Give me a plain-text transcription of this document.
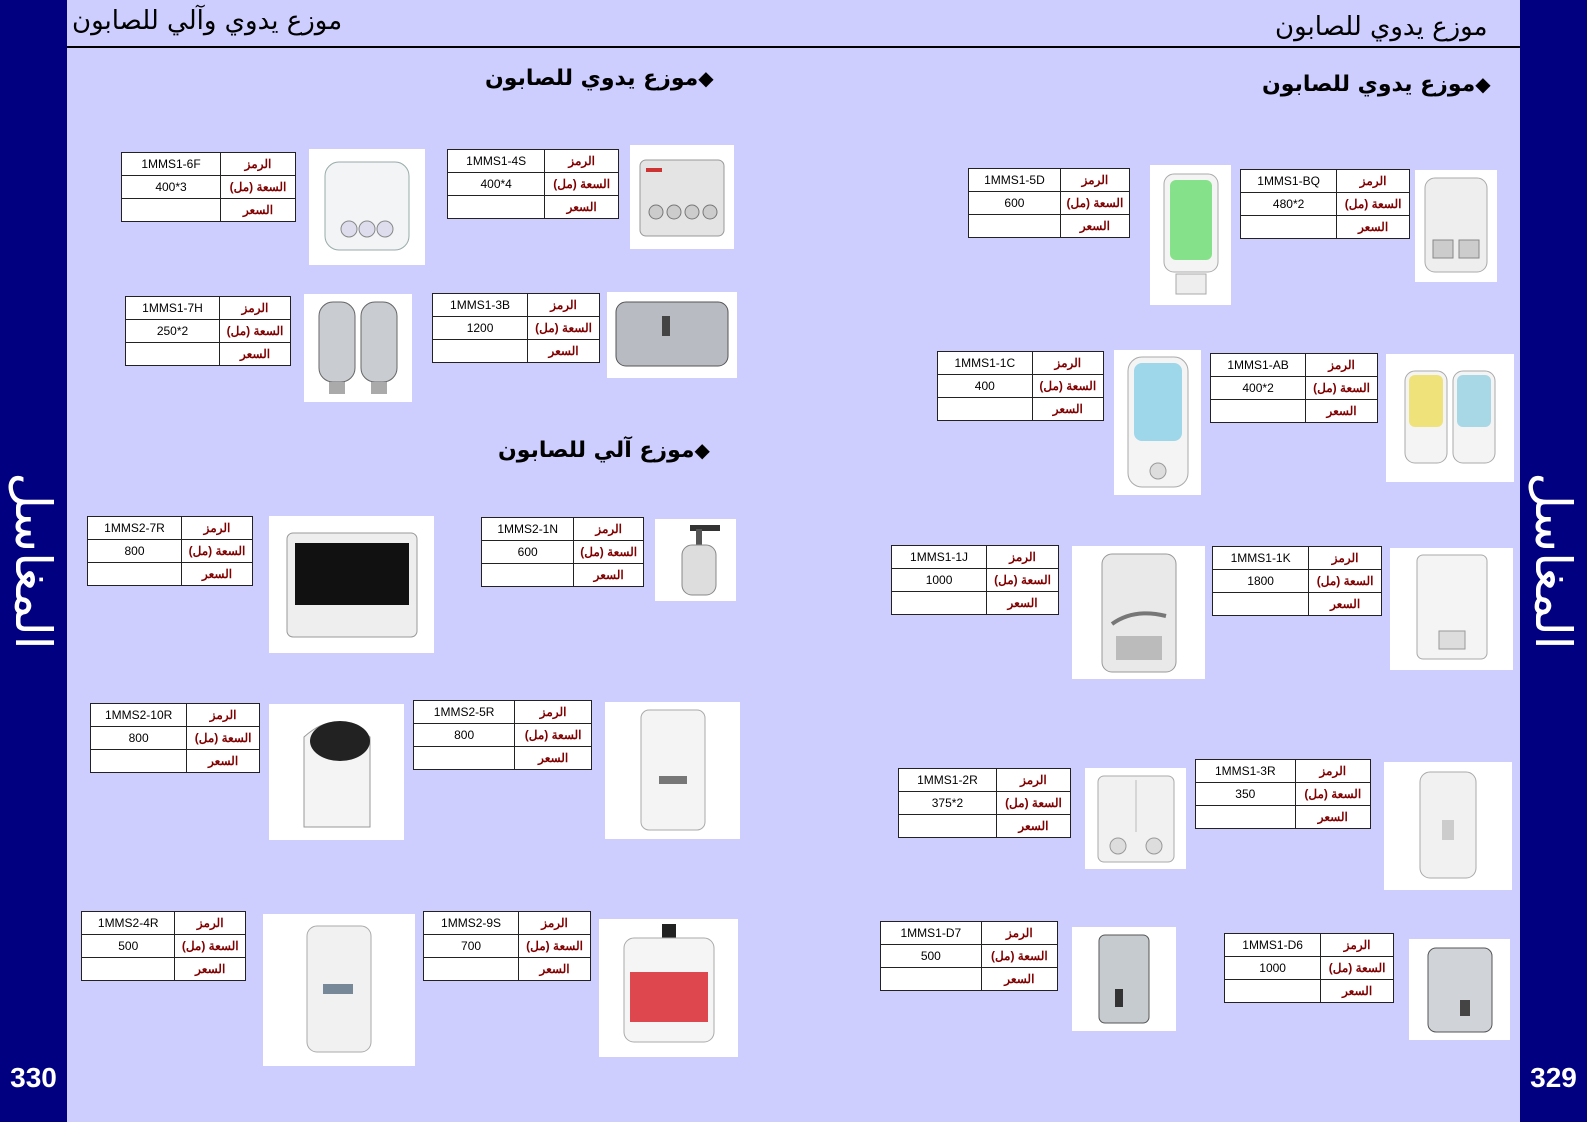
المغاسل
330
المغاسل
329
موزع يدوي وآلي للصابون	موزع يدوي للصابون
◆موزع يدوي للصابون
◆موزع آلي للصابون
◆موزع يدوي للصابون
1MMS1-6F	الرمز
400*3	السعة (مل)
	السعر
1MMS1-4S	الرمز
400*4	السعة (مل)
	السعر
1MMS1-7H	الرمز
250*2	السعة (مل)
	السعر
1MMS1-3B	الرمز
1200	السعة (مل)
	السعر
1MMS2-7R	الرمز
800	السعة (مل)
	السعر
1MMS2-1N	الرمز
600	السعة (مل)
	السعر
1MMS2-10R	الرمز
800	السعة (مل)
	السعر
1MMS2-5R	الرمز
800	السعة (مل)
	السعر
1MMS2-4R	الرمز
500	السعة (مل)
	السعر
1MMS2-9S	الرمز
700	السعة (مل)
	السعر
1MMS1-5D	الرمز
600	السعة (مل)
	السعر
1MMS1-BQ	الرمز
480*2	السعة (مل)
	السعر
1MMS1-1C	الرمز
400	السعة (مل)
	السعر
1MMS1-AB	الرمز
400*2	السعة (مل)
	السعر
1MMS1-1J	الرمز
1000	السعة (مل)
	السعر
1MMS1-1K	الرمز
1800	السعة (مل)
	السعر
1MMS1-2R	الرمز
375*2	السعة (مل)
	السعر
1MMS1-3R	الرمز
350	السعة (مل)
	السعر
1MMS1-D7	الرمز
500	السعة (مل)
	السعر
1MMS1-D6	الرمز
1000	السعة (مل)
	السعر
